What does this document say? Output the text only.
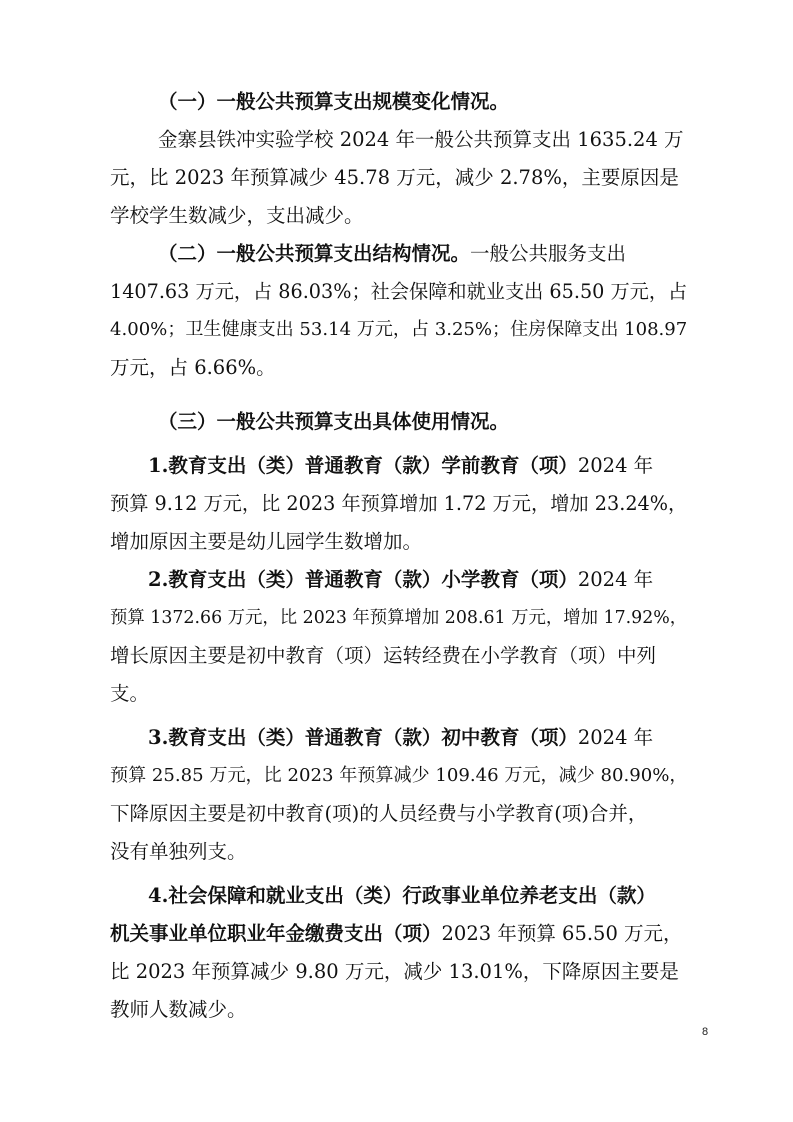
（一）一般公共预算支出规模变化情况。
金寨县铁冲实验学校 2024 年一般公共预算支出 1635.24 万
元，比 2023 年预算减少 45.78 万元，减少 2.78%，主要原因是
学校学生数减少，支出减少。
（二）一般公共预算支出结构情况。一般公共服务支出
1407.63 万元，占 86.03%；社会保障和就业支出 65.50 万元，占
4.00%；卫生健康支出 53.14 万元，占 3.25%；住房保障支出 108.97
万元，占 6.66%。
（三）一般公共预算支出具体使用情况。
1.教育支出（类）普通教育（款）学前教育（项）2024 年
预算 9.12 万元，比 2023 年预算增加 1.72 万元，增加 23.24%，
增加原因主要是幼儿园学生数增加。
2.教育支出（类）普通教育（款）小学教育（项）2024 年
预算 1372.66 万元，比 2023 年预算增加 208.61 万元，增加 17.92%，
增长原因主要是初中教育（项）运转经费在小学教育（项）中列
支。
3.教育支出（类）普通教育（款）初中教育（项）2024 年
预算 25.85 万元，比 2023 年预算减少 109.46 万元，减少 80.90%，
下降原因主要是初中教育(项)的人员经费与小学教育(项)合并，
没有单独列支。
4.社会保障和就业支出（类）行政事业单位养老支出（款）
机关事业单位职业年金缴费支出（项）2023 年预算 65.50 万元，
比 2023 年预算减少 9.80 万元，减少 13.01%，下降原因主要是
教师人数减少。
8
